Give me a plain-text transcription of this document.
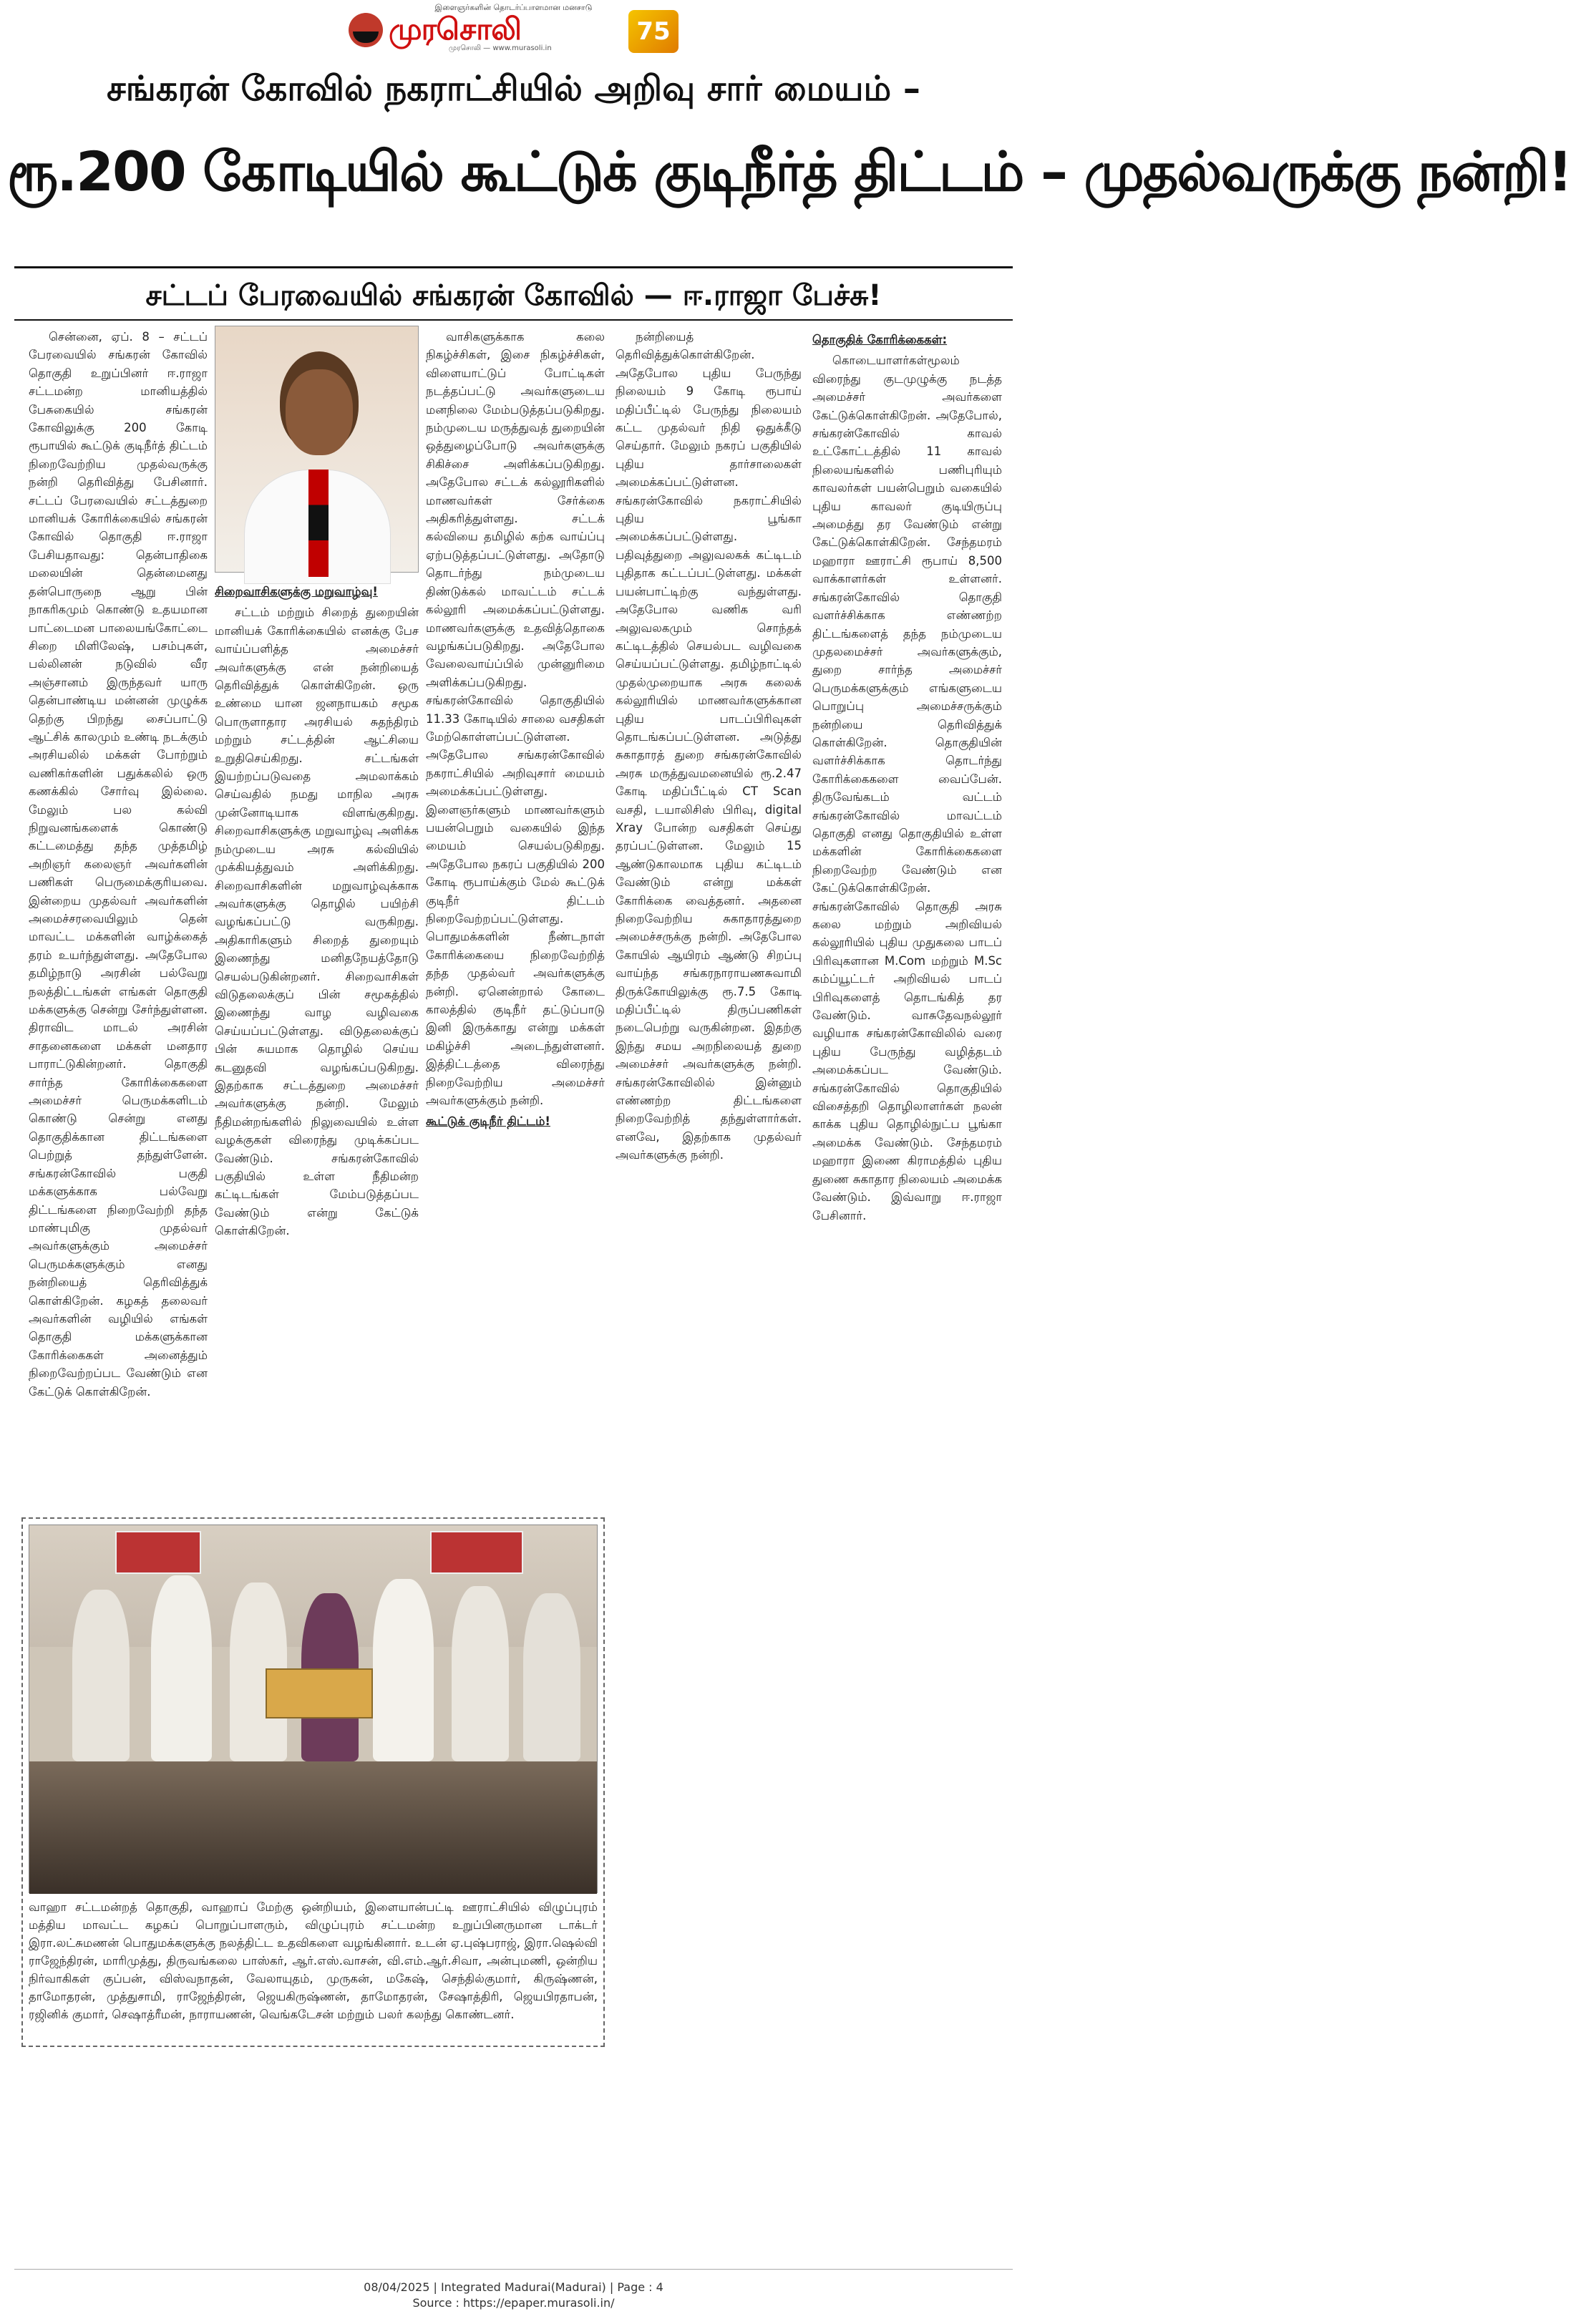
இளைஞர்களின் தொடர்ப்பாளமான மனசாடு
முரசொலி
முரசொலி — www.murasoli.in
75
சங்கரன் கோவில் நகராட்சியில் அறிவு சார் மையம் –
ரூ.200 கோடியில் கூட்டுக் குடிநீர்த் திட்டம் – முதல்வருக்கு நன்றி!
சட்டப் பேரவையில் சங்கரன் கோவில் — ஈ.ராஜா பேச்சு!

சென்னை, ஏப். 8 – சட்டப் பேரவையில் சங்கரன் கோவில் தொகுதி உறுப்பினர் ஈ.ராஜா சட்டமன்ற மானியத்தில் பேசுகையில் சங்கரன் கோவிலுக்கு 200 கோடி ரூபாயில் கூட்டுக் குடிநீர்த் திட்டம் நிறைவேற்றிய முதல்வருக்கு நன்றி தெரிவித்து பேசினார். சட்டப் பேரவையில் சட்டத்துறை மானியக் கோரிக்கையில் சங்கரன் கோவில் தொகுதி ஈ.ராஜா பேசியதாவது: தென்பாதிகை மலையின் தென்மைனது தன்பொருநை ஆறு பின் நாகரிகமும் கொண்டு உதயமான பாட்டைமன பாலையங்கோட்டை சிறை மிளிலேஷ், பசம்புகள், பல்லினன் நடுவில் வீர அஞ்சானம் இருந்தவர் யாரு தென்பாண்டிய மன்னன் முழுக்க தெற்கு பிறந்து சைப்பாட்டு ஆட்சிக் காலமும் உண்டி நடக்கும் அரசியலில் மக்கள் போற்றும் வணிகர்களின் பதுக்கலில் ஒரு கணக்கில் சோர்வு இல்லை. மேலும் பல கல்வி நிறுவனங்களைக் கொண்டு கட்டமைத்து தந்த முத்தமிழ் அறிஞர் கலைஞர் அவர்களின் பணிகள் பெருமைக்குரியவை. இன்றைய முதல்வர் அவர்களின் அமைச்சரவையிலும் தென் மாவட்ட மக்களின் வாழ்க்கைத் தரம் உயர்ந்துள்ளது. அதேபோல தமிழ்நாடு அரசின் பல்வேறு நலத்திட்டங்கள் எங்கள் தொகுதி மக்களுக்கு சென்று சேர்ந்துள்ளன. திராவிட மாடல் அரசின் சாதனைகளை மக்கள் மனதார பாராட்டுகின்றனர். தொகுதி சார்ந்த கோரிக்கைகளை அமைச்சர் பெருமக்களிடம் கொண்டு சென்று எனது தொகுதிக்கான திட்டங்களை பெற்றுத் தந்துள்ளேன். சங்கரன்கோவில் பகுதி மக்களுக்காக பல்வேறு திட்டங்களை நிறைவேற்றி தந்த மாண்புமிகு முதல்வர் அவர்களுக்கும் அமைச்சர் பெருமக்களுக்கும் எனது நன்றியைத் தெரிவித்துக் கொள்கிறேன். கழகத் தலைவர் அவர்களின் வழியில் எங்கள் தொகுதி மக்களுக்கான கோரிக்கைகள் அனைத்தும் நிறைவேற்றப்பட வேண்டும் என கேட்டுக் கொள்கிறேன்.

சிறைவாசிகளுக்கு மறுவாழ்வு!

சட்டம் மற்றும் சிறைத் துறையின் மானியக் கோரிக்கையில் எனக்கு பேச வாய்ப்பளித்த அமைச்சர் அவர்களுக்கு என் நன்றியைத் தெரிவித்துக் கொள்கிறேன். ஒரு உண்மை யான ஜனநாயகம் சமூக பொருளாதார அரசியல் சுதந்திரம் மற்றும் சட்டத்தின் ஆட்சியை உறுதிசெய்கிறது. சட்டங்கள் இயற்றப்படுவதை அமலாக்கம் செய்வதில் நமது மாநில அரசு முன்னோடியாக விளங்குகிறது. சிறைவாசிகளுக்கு மறுவாழ்வு அளிக்க நம்முடைய அரசு கல்வியில் முக்கியத்துவம் அளிக்கிறது. சிறைவாசிகளின் மறுவாழ்வுக்காக அவர்களுக்கு தொழில் பயிற்சி வழங்கப்பட்டு வருகிறது. அதிகாரிகளும் சிறைத் துறையும் இணைந்து மனிதநேயத்தோடு செயல்படுகின்றனர். சிறைவாசிகள் விடுதலைக்குப் பின் சமூகத்தில் இணைந்து வாழ வழிவகை செய்யப்பட்டுள்ளது. விடுதலைக்குப் பின் சுயமாக தொழில் செய்ய கடனுதவி வழங்கப்படுகிறது. இதற்காக சட்டத்துறை அமைச்சர் அவர்களுக்கு நன்றி. மேலும் நீதிமன்றங்களில் நிலுவையில் உள்ள வழக்குகள் விரைந்து முடிக்கப்பட வேண்டும். சங்கரன்கோவில் பகுதியில் உள்ள நீதிமன்ற கட்டிடங்கள் மேம்படுத்தப்பட வேண்டும் என்று கேட்டுக் கொள்கிறேன்.

வாசிகளுக்காக கலை நிகழ்ச்சிகள், இசை நிகழ்ச்சிகள், விளையாட்டுப் போட்டிகள் நடத்தப்பட்டு அவர்களுடைய மனநிலை மேம்படுத்தப்படுகிறது. நம்முடைய மருத்துவத் துறையின் ஒத்துழைப்போடு அவர்களுக்கு சிகிச்சை அளிக்கப்படுகிறது. அதேபோல சட்டக் கல்லூரிகளில் மாணவர்கள் சேர்க்கை அதிகரித்துள்ளது. சட்டக் கல்வியை தமிழில் கற்க வாய்ப்பு ஏற்படுத்தப்பட்டுள்ளது. அதோடு தொடர்ந்து நம்முடைய திண்டுக்கல் மாவட்டம் சட்டக் கல்லூரி அமைக்கப்பட்டுள்ளது. மாணவர்களுக்கு உதவித்தொகை வழங்கப்படுகிறது. அதேபோல வேலைவாய்ப்பில் முன்னுரிமை அளிக்கப்படுகிறது. சங்கரன்கோவில் தொகுதியில் 11.33 கோடியில் சாலை வசதிகள் மேற்கொள்ளப்பட்டுள்ளன. அதேபோல சங்கரன்கோவில் நகராட்சியில் அறிவுசார் மையம் அமைக்கப்பட்டுள்ளது. இளைஞர்களும் மாணவர்களும் பயன்பெறும் வகையில் இந்த மையம் செயல்படுகிறது. அதேபோல நகரப் பகுதியில் 200 கோடி ரூபாய்க்கும் மேல் கூட்டுக் குடிநீர் திட்டம் நிறைவேற்றப்பட்டுள்ளது. பொதுமக்களின் நீண்டநாள் கோரிக்கையை நிறைவேற்றித் தந்த முதல்வர் அவர்களுக்கு நன்றி. ஏனென்றால் கோடை காலத்தில் குடிநீர் தட்டுப்பாடு இனி இருக்காது என்று மக்கள் மகிழ்ச்சி அடைந்துள்ளனர். இத்திட்டத்தை விரைந்து நிறைவேற்றிய அமைச்சர் அவர்களுக்கும் நன்றி.

கூட்டுக் குடிநீர் திட்டம்!

நன்றியைத் தெரிவித்துக்கொள்கிறேன். அதேபோல புதிய பேருந்து நிலையம் 9 கோடி ரூபாய் மதிப்பீட்டில் பேருந்து நிலையம் கட்ட முதல்வர் நிதி ஒதுக்கீடு செய்தார். மேலும் நகரப் பகுதியில் புதிய தார்சாலைகள் அமைக்கப்பட்டுள்ளன. சங்கரன்கோவில் நகராட்சியில் புதிய பூங்கா அமைக்கப்பட்டுள்ளது. பதிவுத்துறை அலுவலகக் கட்டிடம் புதிதாக கட்டப்பட்டுள்ளது. மக்கள் பயன்பாட்டிற்கு வந்துள்ளது. அதேபோல வணிக வரி அலுவலகமும் சொந்தக் கட்டிடத்தில் செயல்பட வழிவகை செய்யப்பட்டுள்ளது. தமிழ்நாட்டில் முதல்முறையாக அரசு கலைக் கல்லூரியில் மாணவர்களுக்கான புதிய பாடப்பிரிவுகள் தொடங்கப்பட்டுள்ளன. அடுத்து சுகாதாரத் துறை சங்கரன்கோவில் அரசு மருத்துவமனையில் ரூ.2.47 கோடி மதிப்பீட்டில் CT Scan வசதி, டயாலிசிஸ் பிரிவு, digital Xray போன்ற வசதிகள் செய்து தரப்பட்டுள்ளன. மேலும் 15 ஆண்டுகாலமாக புதிய கட்டிடம் வேண்டும் என்று மக்கள் கோரிக்கை வைத்தனர். அதனை நிறைவேற்றிய சுகாதாரத்துறை அமைச்சருக்கு நன்றி. அதேபோல கோயில் ஆயிரம் ஆண்டு சிறப்பு வாய்ந்த சங்கரநாராயணசுவாமி திருக்கோயிலுக்கு ரூ.7.5 கோடி மதிப்பீட்டில் திருப்பணிகள் நடைபெற்று வருகின்றன. இதற்கு இந்து சமய அறநிலையத் துறை அமைச்சர் அவர்களுக்கு நன்றி. சங்கரன்கோவிலில் இன்னும் எண்ணற்ற திட்டங்களை நிறைவேற்றித் தந்துள்ளார்கள். எனவே, இதற்காக முதல்வர் அவர்களுக்கு நன்றி.

தொகுதிக் கோரிக்கைகள்:

கொடையாளர்கள்மூலம் விரைந்து குடமுழுக்கு நடத்த அமைச்சர் அவர்களை கேட்டுக்கொள்கிறேன். அதேபோல், சங்கரன்கோவில் காவல் உட்கோட்டத்தில் 11 காவல் நிலையங்களில் பணிபுரியும் காவலர்கள் பயன்பெறும் வகையில் புதிய காவலர் குடியிருப்பு அமைத்து தர வேண்டும் என்று கேட்டுக்கொள்கிறேன். சேந்தமரம் மஹாரா ஊராட்சி ரூபாய் 8,500 வாக்காளர்கள் உள்ளனர். சங்கரன்கோவில் தொகுதி வளர்ச்சிக்காக எண்ணற்ற திட்டங்களைத் தந்த நம்முடைய முதலமைச்சர் அவர்களுக்கும், துறை சார்ந்த அமைச்சர் பெருமக்களுக்கும் எங்களுடைய பொறுப்பு அமைச்சருக்கும் நன்றியை தெரிவித்துக் கொள்கிறேன். தொகுதியின் வளர்ச்சிக்காக தொடர்ந்து கோரிக்கைகளை வைப்பேன். திருவேங்கடம் வட்டம் சங்கரன்கோவில் மாவட்டம் தொகுதி எனது தொகுதியில் உள்ள மக்களின் கோரிக்கைகளை நிறைவேற்ற வேண்டும் என கேட்டுக்கொள்கிறேன். சங்கரன்கோவில் தொகுதி அரசு கலை மற்றும் அறிவியல் கல்லூரியில் புதிய முதுகலை பாடப் பிரிவுகளான M.Com மற்றும் M.Sc கம்ப்யூட்டர் அறிவியல் பாடப் பிரிவுகளைத் தொடங்கித் தர வேண்டும். வாசுதேவநல்லூர் வழியாக சங்கரன்கோவிலில் வரை புதிய பேருந்து வழித்தடம் அமைக்கப்பட வேண்டும். சங்கரன்கோவில் தொகுதியில் விசைத்தறி தொழிலாளர்கள் நலன் காக்க புதிய தொழில்நுட்ப பூங்கா அமைக்க வேண்டும். சேந்தமரம் மஹாரா இணை கிராமத்தில் புதிய துணை சுகாதார நிலையம் அமைக்க வேண்டும். இவ்வாறு ஈ.ராஜா பேசினார்.

வாஹா சட்டமன்றத் தொகுதி, வாஹாப் மேற்கு ஒன்றியம், இளையான்பட்டி ஊராட்சியில் விழுப்புரம் மத்திய மாவட்ட கழகப் பொறுப்பாளரும், விழுப்புரம் சட்டமன்ற உறுப்பினருமான டாக்டர் இரா.லட்சுமணன் பொதுமக்களுக்கு நலத்திட்ட உதவிகளை வழங்கினார். உடன் ஏ.புஷ்பராஜ், இரா.ஷெல்வி ராஜேந்திரன், மாரிமுத்து, திருவங்கலை பாஸ்கர், ஆர்.எஸ்.வாசன், வி.எம்.ஆர்.சிவா, அன்புமணி, ஒன்றிய நிர்வாகிகள் குப்பன், விஸ்வநாதன், வேலாயுதம், முருகன், மகேஷ், செந்தில்குமார், கிருஷ்ணன், தாமோதரன், முத்துசாமி, ராஜேந்திரன், ஜெயகிருஷ்ணன், தாமோதரன், சேஷாத்திரி, ஜெயபிரதாபன், ரஜினிக் குமார், செஷாத்ரீமன், நாராயணன், வெங்கடேசன் மற்றும் பலர் கலந்து கொண்டனர்.
08/04/2025 | Integrated Madurai(Madurai) | Page : 4
Source : https://epaper.murasoli.in/
